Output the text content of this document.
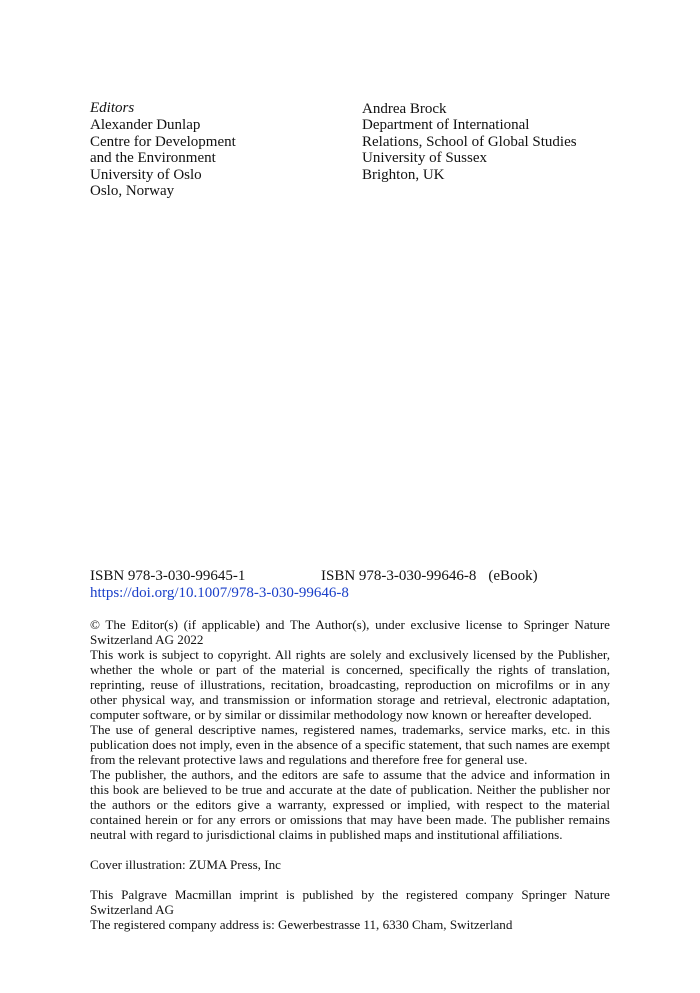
Editors
Alexander Dunlap
Centre for Development
and the Environment
University of Oslo
Oslo, Norway
Andrea Brock
Department of International
Relations, School of Global Studies
University of Sussex
Brighton, UK
ISBN 978-3-030-99645-1	ISBN 978-3-030-99646-8 (eBook)
https://doi.org/10.1007/978-3-030-99646-8

© The Editor(s) (if applicable) and The Author(s), under exclusive license to Springer Nature Switzerland AG 2022

This work is subject to copyright. All rights are solely and exclusively licensed by the Publisher, whether the whole or part of the material is concerned, specifically the rights of translation, reprinting, reuse of illustrations, recitation, broadcasting, reproduction on microfilms or in any other physical way, and transmission or information storage and retrieval, electronic adaptation, computer software, or by similar or dissimilar methodology now known or hereafter developed.

The use of general descriptive names, registered names, trademarks, service marks, etc. in this publication does not imply, even in the absence of a specific statement, that such names are exempt from the relevant protective laws and regulations and therefore free for general use.

The publisher, the authors, and the editors are safe to assume that the advice and information in this book are believed to be true and accurate at the date of publication. Neither the publisher nor the authors or the editors give a warranty, expressed or implied, with respect to the material contained herein or for any errors or omissions that may have been made. The publisher remains neutral with regard to jurisdictional claims in published maps and institutional affiliations.

Cover illustration: ZUMA Press, Inc

This Palgrave Macmillan imprint is published by the registered company Springer Nature Switzerland AG

The registered company address is: Gewerbestrasse 11, 6330 Cham, Switzerland
